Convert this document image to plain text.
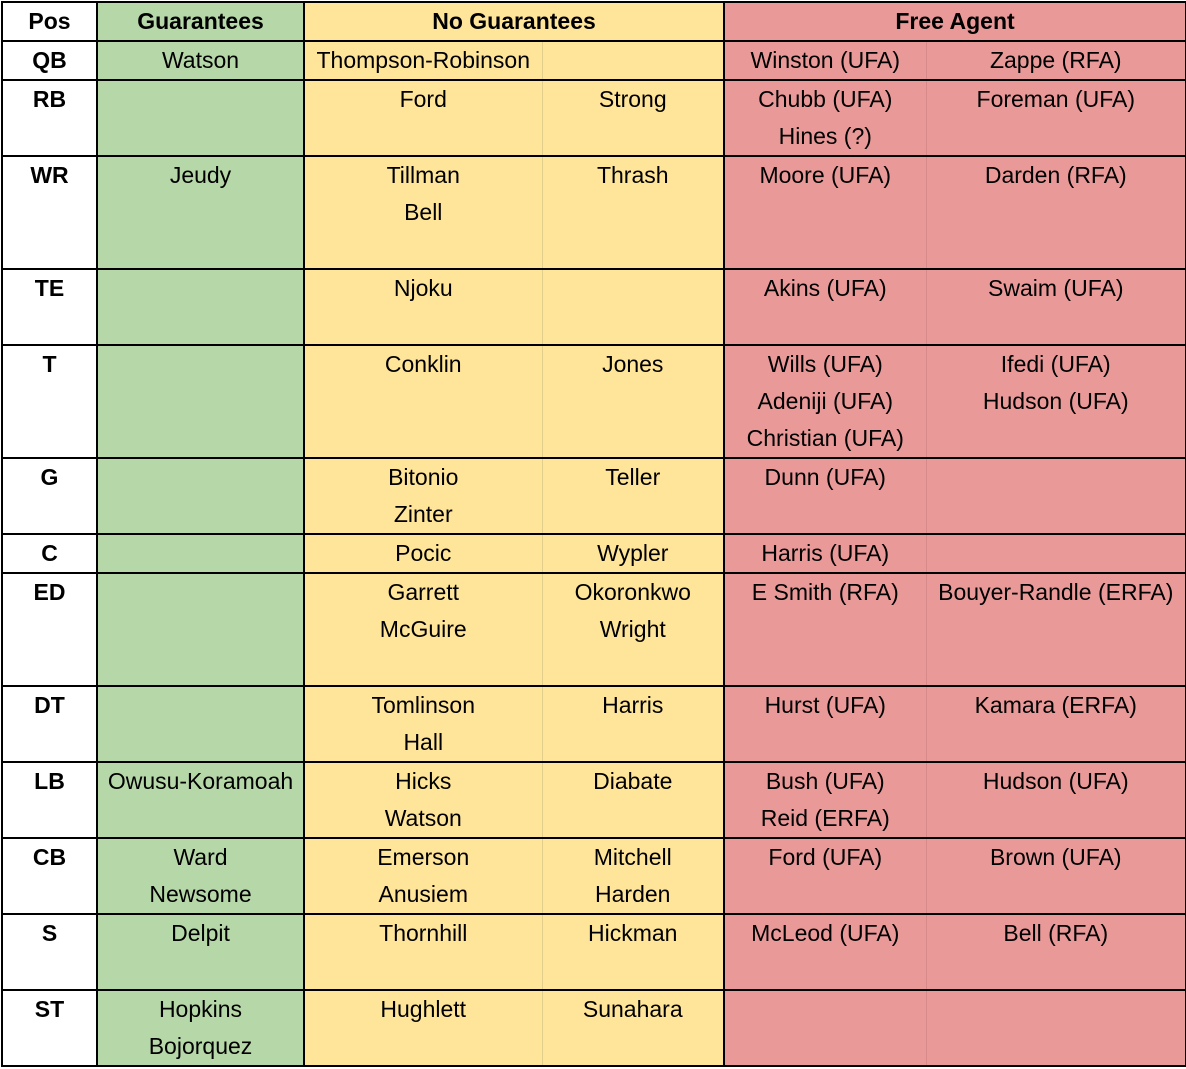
Pos	Guarantees	No Guarantees		Free Agent	
QB	Watson	Thompson-Robinson		Winston (UFA)	Zappe (RFA)
RB		Ford	Strong	Chubb (UFA)	Foreman (UFA)
				Hines (?)	
WR	Jeudy	Tillman	Thrash	Moore (UFA)	Darden (RFA)
		Bell			

TE		Njoku		Akins (UFA)	Swaim (UFA)

T		Conklin	Jones	Wills (UFA)	Ifedi (UFA)
				Adeniji (UFA)	Hudson (UFA)
				Christian (UFA)	
G		Bitonio	Teller	Dunn (UFA)	
		Zinter			
C		Pocic	Wypler	Harris (UFA)	
ED		Garrett	Okoronkwo	E Smith (RFA)	Bouyer-Randle (ERFA)
		McGuire	Wright		

DT		Tomlinson	Harris	Hurst (UFA)	Kamara (ERFA)
		Hall			
LB	Owusu-Koramoah	Hicks	Diabate	Bush (UFA)	Hudson (UFA)
		Watson		Reid (ERFA)	
CB	Ward	Emerson	Mitchell	Ford (UFA)	Brown (UFA)
	Newsome	Anusiem	Harden		
S	Delpit	Thornhill	Hickman	McLeod (UFA)	Bell (RFA)

ST	Hopkins	Hughlett	Sunahara		
	Bojorquez				
